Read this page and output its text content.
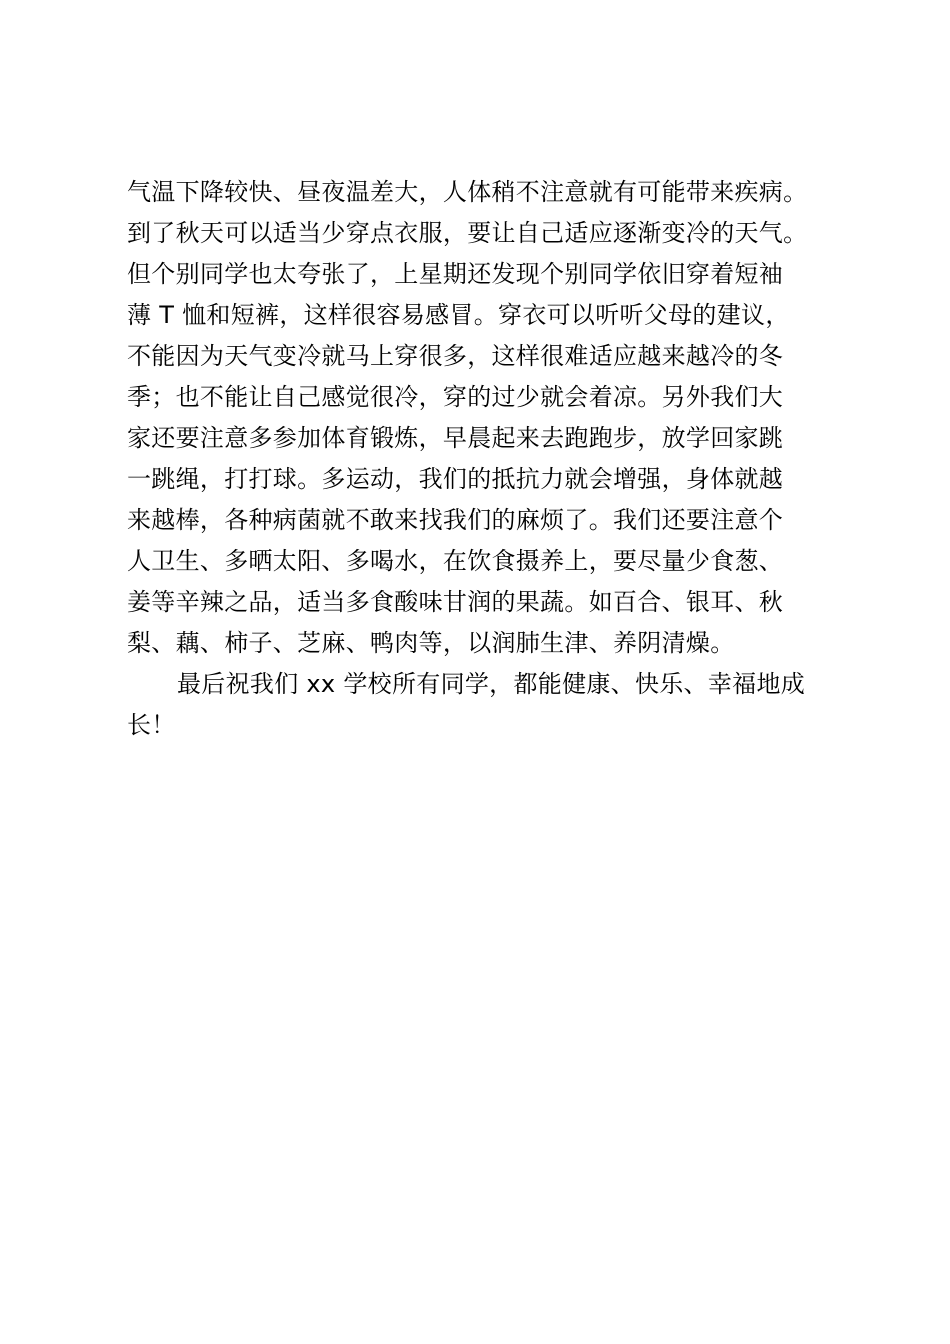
气温下降较快、昼夜温差大，人体稍不注意就有可能带来疾病。
到了秋天可以适当少穿点衣服，要让自己适应逐渐变冷的天气。
但个别同学也太夸张了，上星期还发现个别同学依旧穿着短袖
薄 T 恤和短裤，这样很容易感冒。穿衣可以听听父母的建议，
不能因为天气变冷就马上穿很多，这样很难适应越来越冷的冬
季；也不能让自己感觉很冷，穿的过少就会着凉。另外我们大
家还要注意多参加体育锻炼，早晨起来去跑跑步，放学回家跳
一跳绳，打打球。多运动，我们的抵抗力就会增强，身体就越
来越棒，各种病菌就不敢来找我们的麻烦了。我们还要注意个
人卫生、多晒太阳、多喝水，在饮食摄养上，要尽量少食葱、
姜等辛辣之品，适当多食酸味甘润的果蔬。如百合、银耳、秋
梨、藕、柿子、芝麻、鸭肉等，以润肺生津、养阴清燥。
最后祝我们 xx 学校所有同学，都能健康、快乐、幸福地成
长！
